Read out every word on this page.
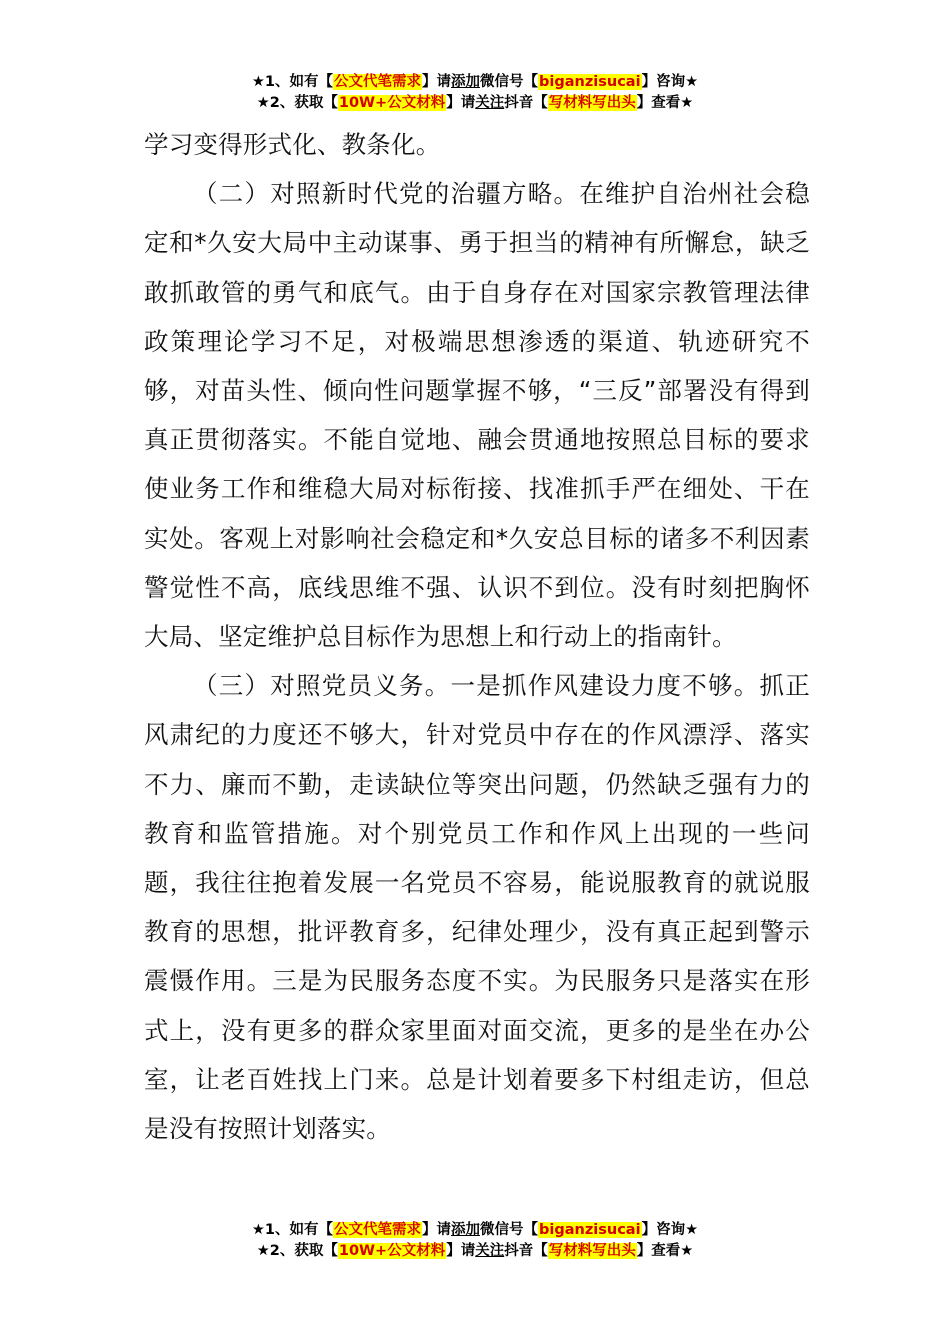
★1、如有【公文代笔需求】请添加微信号【biganzisucai】咨询★
★2、获取【10W+公文材料】请关注抖音【写材料写出头】查看★

学习变得形式化、教条化。

（二）对照新时代党的治疆方略。在维护自治州社会稳定和*久安大局中主动谋事、勇于担当的精神有所懈怠，缺乏敢抓敢管的勇气和底气。由于自身存在对国家宗教管理法律政策理论学习不足，对极端思想渗透的渠道、轨迹研究不够，对苗头性、倾向性问题掌握不够，“三反”部署没有得到真正贯彻落实。不能自觉地、融会贯通地按照总目标的要求使业务工作和维稳大局对标衔接、找准抓手严在细处、干在实处。客观上对影响社会稳定和*久安总目标的诸多不利因素警觉性不高，底线思维不强、认识不到位。没有时刻把胸怀大局、坚定维护总目标作为思想上和行动上的指南针。

（三）对照党员义务。一是抓作风建设力度不够。抓正风肃纪的力度还不够大，针对党员中存在的作风漂浮、落实不力、廉而不勤，走读缺位等突出问题，仍然缺乏强有力的教育和监管措施。对个别党员工作和作风上出现的一些问题，我往往抱着发展一名党员不容易，能说服教育的就说服教育的思想，批评教育多，纪律处理少，没有真正起到警示震慑作用。三是为民服务态度不实。为民服务只是落实在形式上，没有更多的群众家里面对面交流，更多的是坐在办公室，让老百姓找上门来。总是计划着要多下村组走访，但总是没有按照计划落实。

★1、如有【公文代笔需求】请添加微信号【biganzisucai】咨询★
★2、获取【10W+公文材料】请关注抖音【写材料写出头】查看★
